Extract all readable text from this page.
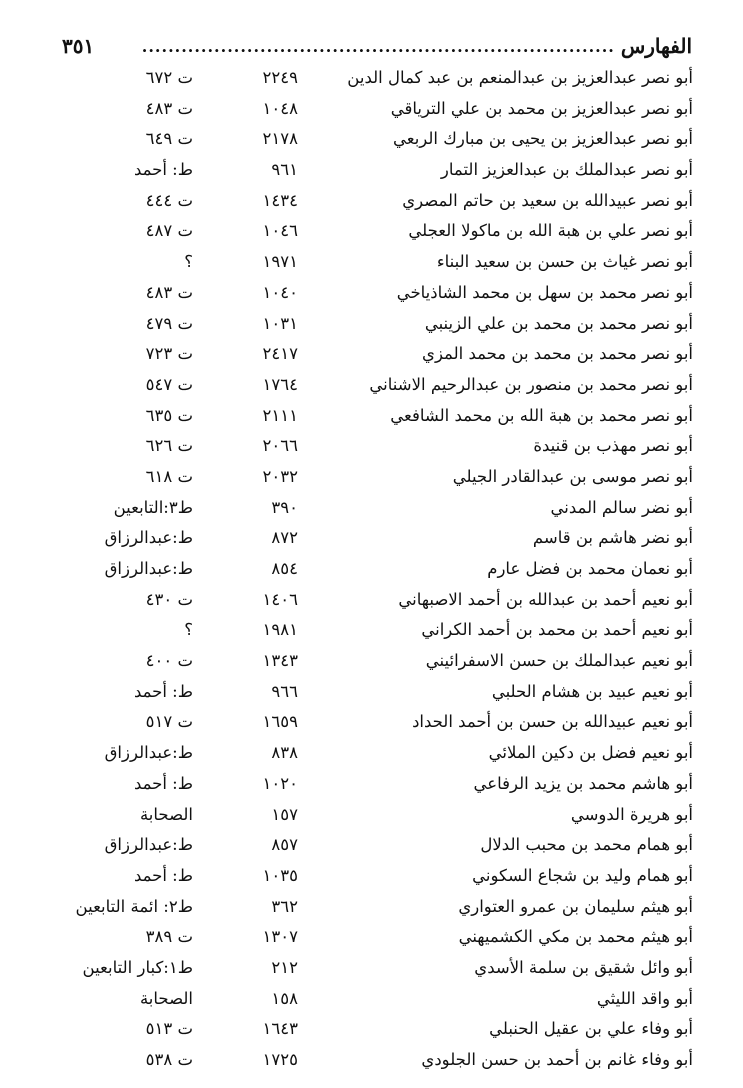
الفهارس
........................................................................
٣٥١
أبو نصر عبدالعزيز بن عبدالمنعم بن عبد كمال الدين
٢٢٤٩
ت ٦٧٢
أبو نصر عبدالعزيز بن محمد بن علي الترياقي
١٠٤٨
ت ٤٨٣
أبو نصر عبدالعزيز بن يحيى بن مبارك الربعي
٢١٧٨
ت ٦٤٩
أبو نصر عبدالملك بن عبدالعزيز التمار
٩٦١
ط: أحمد
أبو نصر عبيدالله بن سعيد بن حاتم المصري
١٤٣٤
ت ٤٤٤
أبو نصر علي بن هبة الله بن ماكولا العجلي
١٠٤٦
ت ٤٨٧
أبو نصر غياث بن حسن بن سعيد البناء
١٩٧١
؟
أبو نصر محمد بن سهل بن محمد الشاذياخي
١٠٤٠
ت ٤٨٣
أبو نصر محمد بن محمد بن علي الزينبي
١٠٣١
ت ٤٧٩
أبو نصر محمد بن محمد بن محمد المزي
٢٤١٧
ت ٧٢٣
أبو نصر محمد بن منصور بن عبدالرحيم الاشناني
١٧٦٤
ت ٥٤٧
أبو نصر محمد بن هبة الله بن محمد الشافعي
٢١١١
ت ٦٣٥
أبو نصر مهذب بن قنيدة
٢٠٦٦
ت ٦٢٦
أبو نصر موسى بن عبدالقادر الجيلي
٢٠٣٢
ت ٦١٨
أبو نضر سالم المدني
٣٩٠
ط٣:التابعين
أبو نضر هاشم بن قاسم
٨٧٢
ط:عبدالرزاق
أبو نعمان محمد بن فضل عارم
٨٥٤
ط:عبدالرزاق
أبو نعيم أحمد بن عبدالله بن أحمد الاصبهاني
١٤٠٦
ت ٤٣٠
أبو نعيم أحمد بن محمد بن أحمد الكراني
١٩٨١
؟
أبو نعيم عبدالملك بن حسن الاسفرائيني
١٣٤٣
ت ٤٠٠
أبو نعيم عبيد بن هشام الحلبي
٩٦٦
ط: أحمد
أبو نعيم عبيدالله بن حسن بن أحمد الحداد
١٦٥٩
ت ٥١٧
أبو نعيم فضل بن دكين الملائي
٨٣٨
ط:عبدالرزاق
أبو هاشم محمد بن يزيد الرفاعي
١٠٢٠
ط: أحمد
أبو هريرة الدوسي
١٥٧
الصحابة
أبو همام محمد بن محبب الدلال
٨٥٧
ط:عبدالرزاق
أبو همام وليد بن شجاع السكوني
١٠٣٥
ط: أحمد
أبو هيثم سليمان بن عمرو العتواري
٣٦٢
ط٢: ائمة التابعين
أبو هيثم محمد بن مكي الكشميهني
١٣٠٧
ت ٣٨٩
أبو وائل شقيق بن سلمة الأسدي
٢١٢
ط١:كبار التابعين
أبو واقد الليثي
١٥٨
الصحابة
أبو وفاء علي بن عقيل الحنبلي
١٦٤٣
ت ٥١٣
أبو وفاء غانم بن أحمد بن حسن الجلودي
١٧٢٥
ت ٥٣٨
